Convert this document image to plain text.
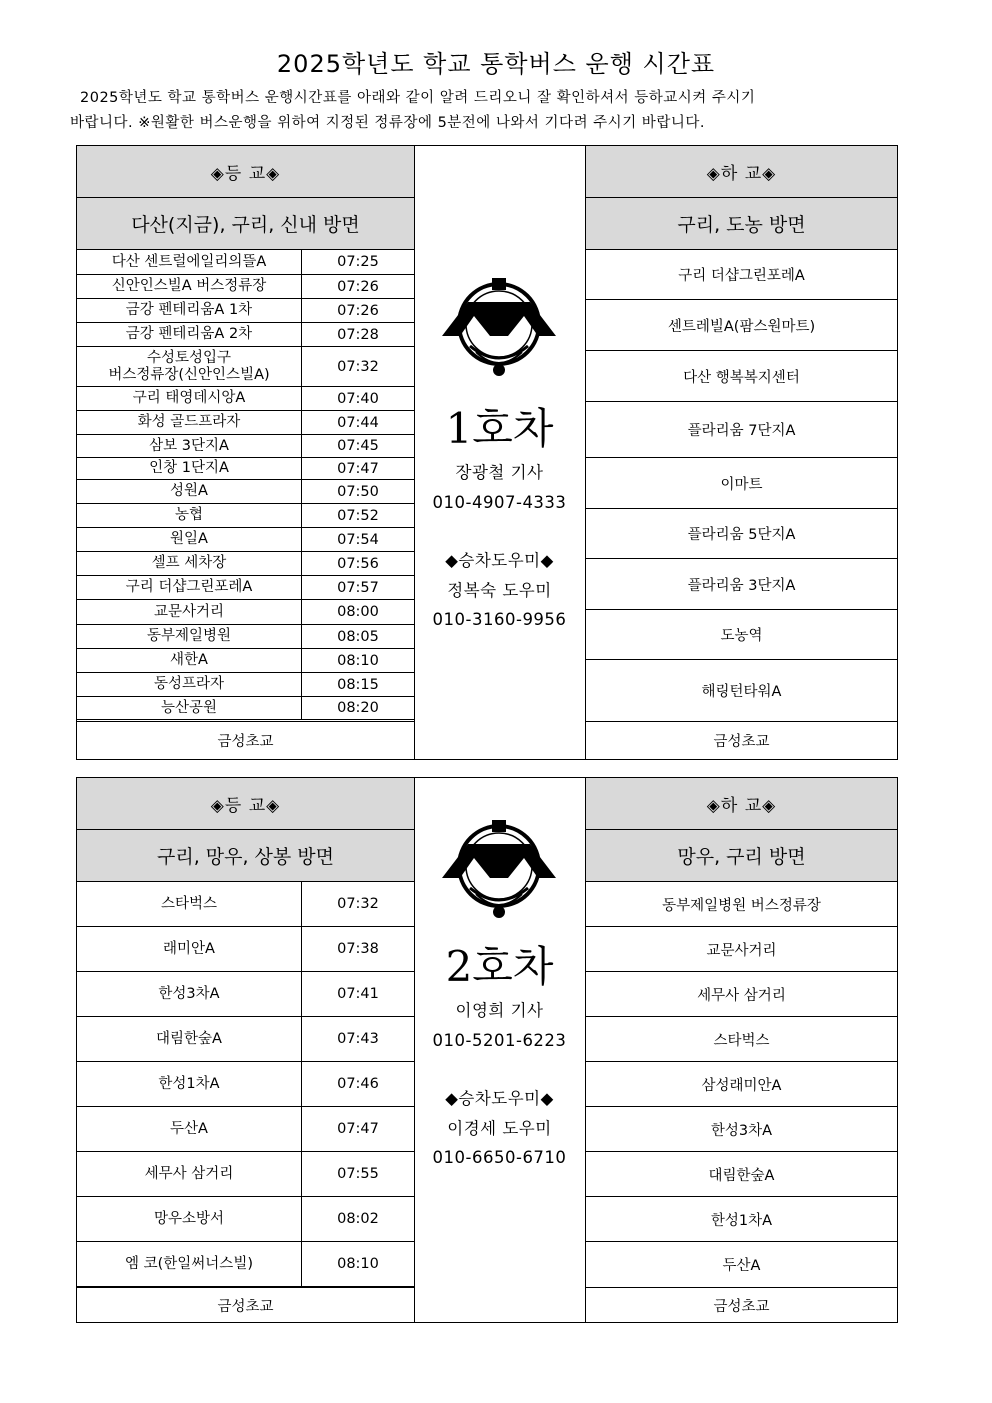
2025학년도 학교 통학버스 운행 시간표

2025학년도 학교 통학버스 운행시간표를 아래와 같이 알려 드리오니 잘 확인하셔서 등하교시켜 주시기

바랍니다. ※원활한 버스운행을 위하여 지정된 정류장에 5분전에 나와서 기다려 주시기 바랍니다.

◈등 교◈
다산(지금), 구리, 신내 방면
다산 센트럴에일리의뜰A	07:25
신안인스빌A 버스정류장	07:26
금강 펜테리움A 1차	07:26
금강 펜테리움A 2차	07:28
수성토성입구
버스정류장(신안인스빌A)	07:32
구리 태영데시앙A	07:40
화성 골드프라자	07:44
삼보 3단지A	07:45
인창 1단지A	07:47
성원A	07:50
농협	07:52
원일A	07:54
셀프 세차장	07:56
구리 더샵그린포레A	07:57
교문사거리	08:00
동부제일병원	08:05
새한A	08:10
동성프라자	08:15
능산공원	08:20
금성초교
1호차
장광철 기사
010-4907-4333
◆승차도우미◆
정복숙 도우미
010-3160-9956
◈하 교◈
구리, 도농 방면
구리 더샵그린포레A
센트레빌A(팜스원마트)
다산 행복복지센터
플라리움 7단지A
이마트
플라리움 5단지A
플라리움 3단지A
도농역
해링턴타워A
금성초교
◈등 교◈
구리, 망우, 상봉 방면
스타벅스	07:32
래미안A	07:38
한성3차A	07:41
대림한숲A	07:43
한성1차A	07:46
두산A	07:47
세무사 삼거리	07:55
망우소방서	08:02
엠 코(한일써너스빌)	08:10
금성초교
2호차
이영희 기사
010-5201-6223
◆승차도우미◆
이경세 도우미
010-6650-6710
◈하 교◈
망우, 구리 방면
동부제일병원 버스정류장
교문사거리
세무사 삼거리
스타벅스
삼성래미안A
한성3차A
대림한숲A
한성1차A
두산A
금성초교
